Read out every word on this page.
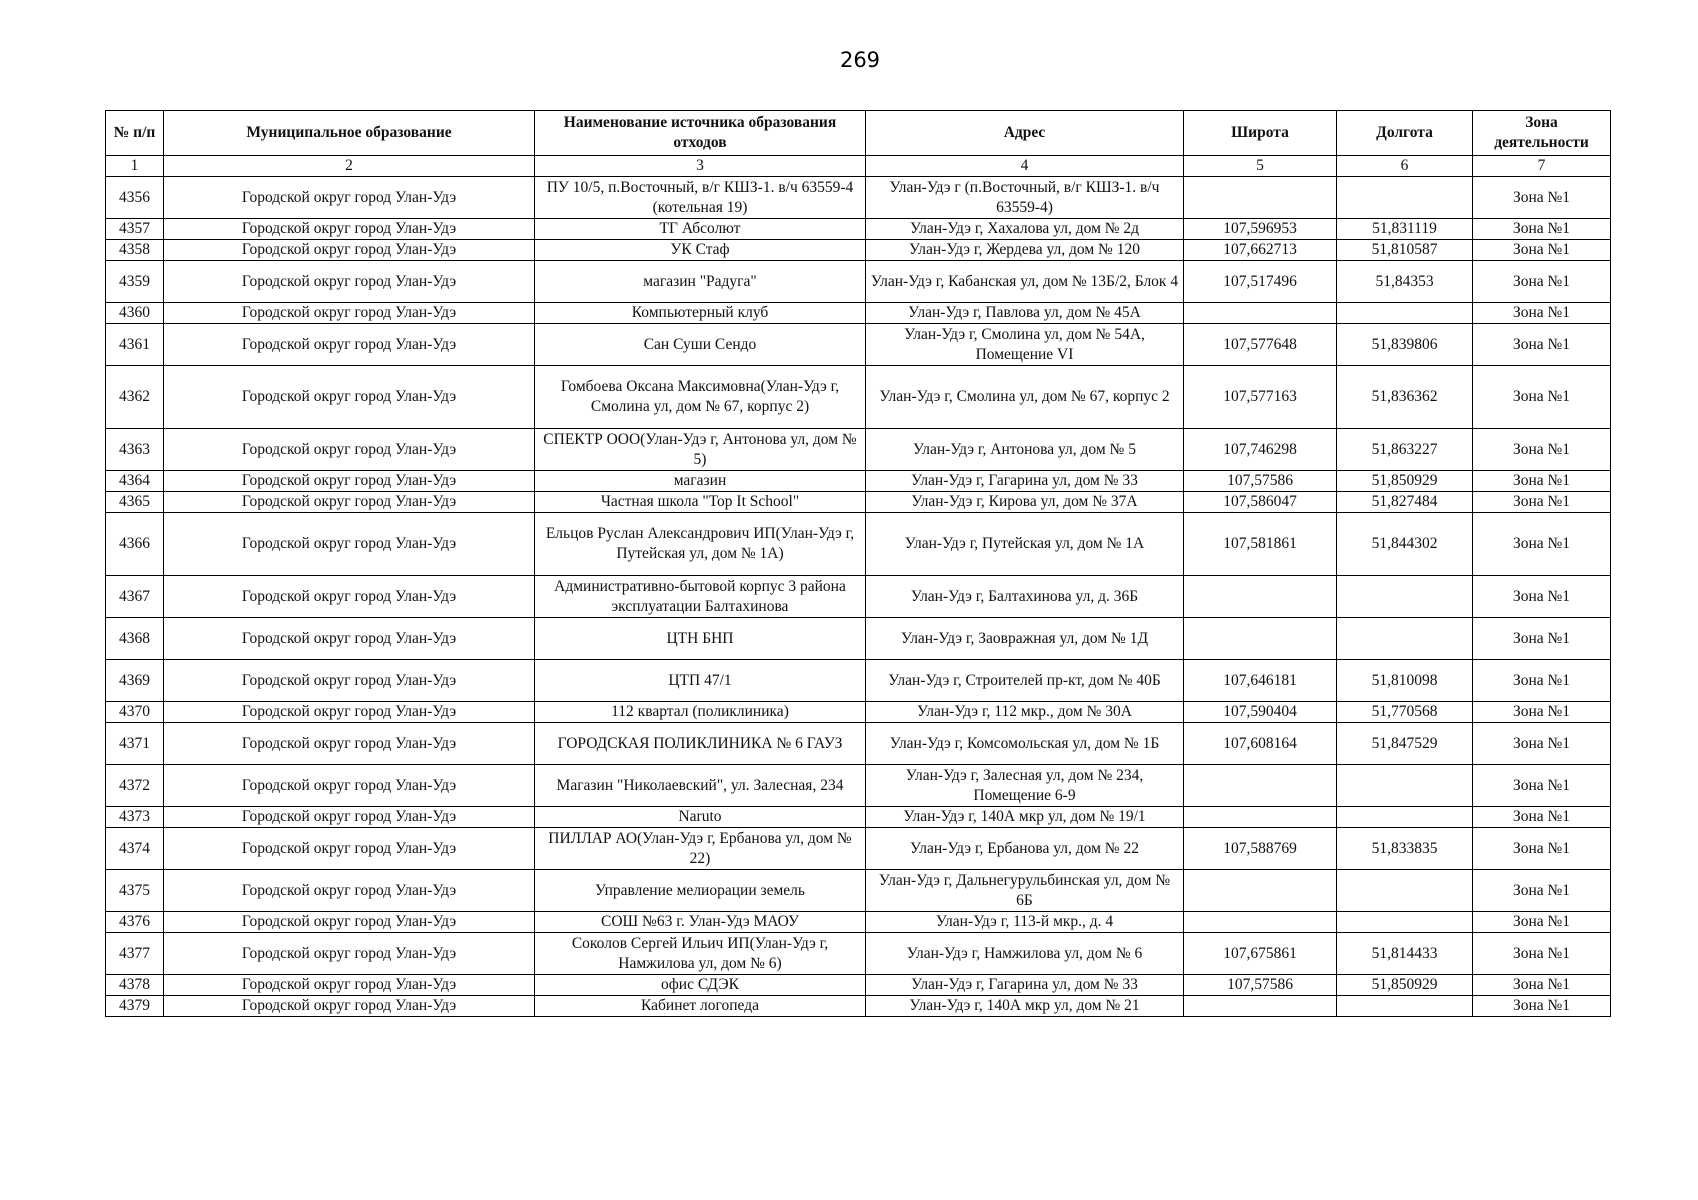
269
№ п/п	Муниципальное образование	Наименование источника образования отходов	Адрес	Широта	Долгота	Зона деятельности
1	2	3	4	5	6	7
4356	Городской округ город Улан-Удэ	ПУ 10/5, п.Восточный, в/г КШЗ-1. в/ч 63559-4 (котельная 19)	Улан-Удэ г (п.Восточный, в/г КШЗ-1. в/ч 63559-4)			Зона №1
4357	Городской округ город Улан-Удэ	ТГ Абсолют	Улан-Удэ г, Хахалова ул, дом № 2д	107,596953	51,831119	Зона №1
4358	Городской округ город Улан-Удэ	УК Стаф	Улан-Удэ г, Жердева ул, дом № 120	107,662713	51,810587	Зона №1
4359	Городской округ город Улан-Удэ	магазин "Радуга"	Улан-Удэ г, Кабанская ул, дом № 13Б/2, Блок 4	107,517496	51,84353	Зона №1
4360	Городской округ город Улан-Удэ	Компьютерный клуб	Улан-Удэ г, Павлова ул, дом № 45А			Зона №1
4361	Городской округ город Улан-Удэ	Сан Суши Сендо	Улан-Удэ г, Смолина ул, дом № 54А, Помещение VI	107,577648	51,839806	Зона №1
4362	Городской округ город Улан-Удэ	Гомбоева Оксана Максимовна(Улан-Удэ г, Смолина ул, дом № 67, корпус 2)	Улан-Удэ г, Смолина ул, дом № 67, корпус 2	107,577163	51,836362	Зона №1
4363	Городской округ город Улан-Удэ	СПЕКТР ООО(Улан-Удэ г, Антонова ул, дом № 5)	Улан-Удэ г, Антонова ул, дом № 5	107,746298	51,863227	Зона №1
4364	Городской округ город Улан-Удэ	магазин	Улан-Удэ г, Гагарина ул, дом № 33	107,57586	51,850929	Зона №1
4365	Городской округ город Улан-Удэ	Частная школа "Top It School"	Улан-Удэ г, Кирова ул, дом № 37А	107,586047	51,827484	Зона №1
4366	Городской округ город Улан-Удэ	Ельцов Руслан Александрович ИП(Улан-Удэ г, Путейская ул, дом № 1А)	Улан-Удэ г, Путейская ул, дом № 1А	107,581861	51,844302	Зона №1
4367	Городской округ город Улан-Удэ	Административно-бытовой корпус 3 района эксплуатации Балтахинова	Улан-Удэ г, Балтахинова ул, д. 36Б			Зона №1
4368	Городской округ город Улан-Удэ	ЦТН БНП	Улан-Удэ г, Заовражная ул, дом № 1Д			Зона №1
4369	Городской округ город Улан-Удэ	ЦТП 47/1	Улан-Удэ г, Строителей пр-кт, дом № 40Б	107,646181	51,810098	Зона №1
4370	Городской округ город Улан-Удэ	112 квартал (поликлиника)	Улан-Удэ г, 112 мкр., дом № 30А	107,590404	51,770568	Зона №1
4371	Городской округ город Улан-Удэ	ГОРОДСКАЯ ПОЛИКЛИНИКА № 6 ГАУЗ	Улан-Удэ г, Комсомольская ул, дом № 1Б	107,608164	51,847529	Зона №1
4372	Городской округ город Улан-Удэ	Магазин "Николаевский", ул. Залесная, 234	Улан-Удэ г, Залесная ул, дом № 234, Помещение 6-9			Зона №1
4373	Городской округ город Улан-Удэ	Naruto	Улан-Удэ г, 140А мкр ул, дом № 19/1			Зона №1
4374	Городской округ город Улан-Удэ	ПИЛЛАР АО(Улан-Удэ г, Ербанова ул, дом № 22)	Улан-Удэ г, Ербанова ул, дом № 22	107,588769	51,833835	Зона №1
4375	Городской округ город Улан-Удэ	Управление мелиорации земель	Улан-Удэ г, Дальнегурульбинская ул, дом № 6Б			Зона №1
4376	Городской округ город Улан-Удэ	СОШ №63 г. Улан-Удэ МАОУ	Улан-Удэ г, 113-й мкр., д. 4			Зона №1
4377	Городской округ город Улан-Удэ	Соколов Сергей Ильич ИП(Улан-Удэ г, Намжилова ул, дом № 6)	Улан-Удэ г, Намжилова ул, дом № 6	107,675861	51,814433	Зона №1
4378	Городской округ город Улан-Удэ	офис СДЭК	Улан-Удэ г, Гагарина ул, дом № 33	107,57586	51,850929	Зона №1
4379	Городской округ город Улан-Удэ	Кабинет логопеда	Улан-Удэ г, 140А мкр ул, дом № 21			Зона №1
